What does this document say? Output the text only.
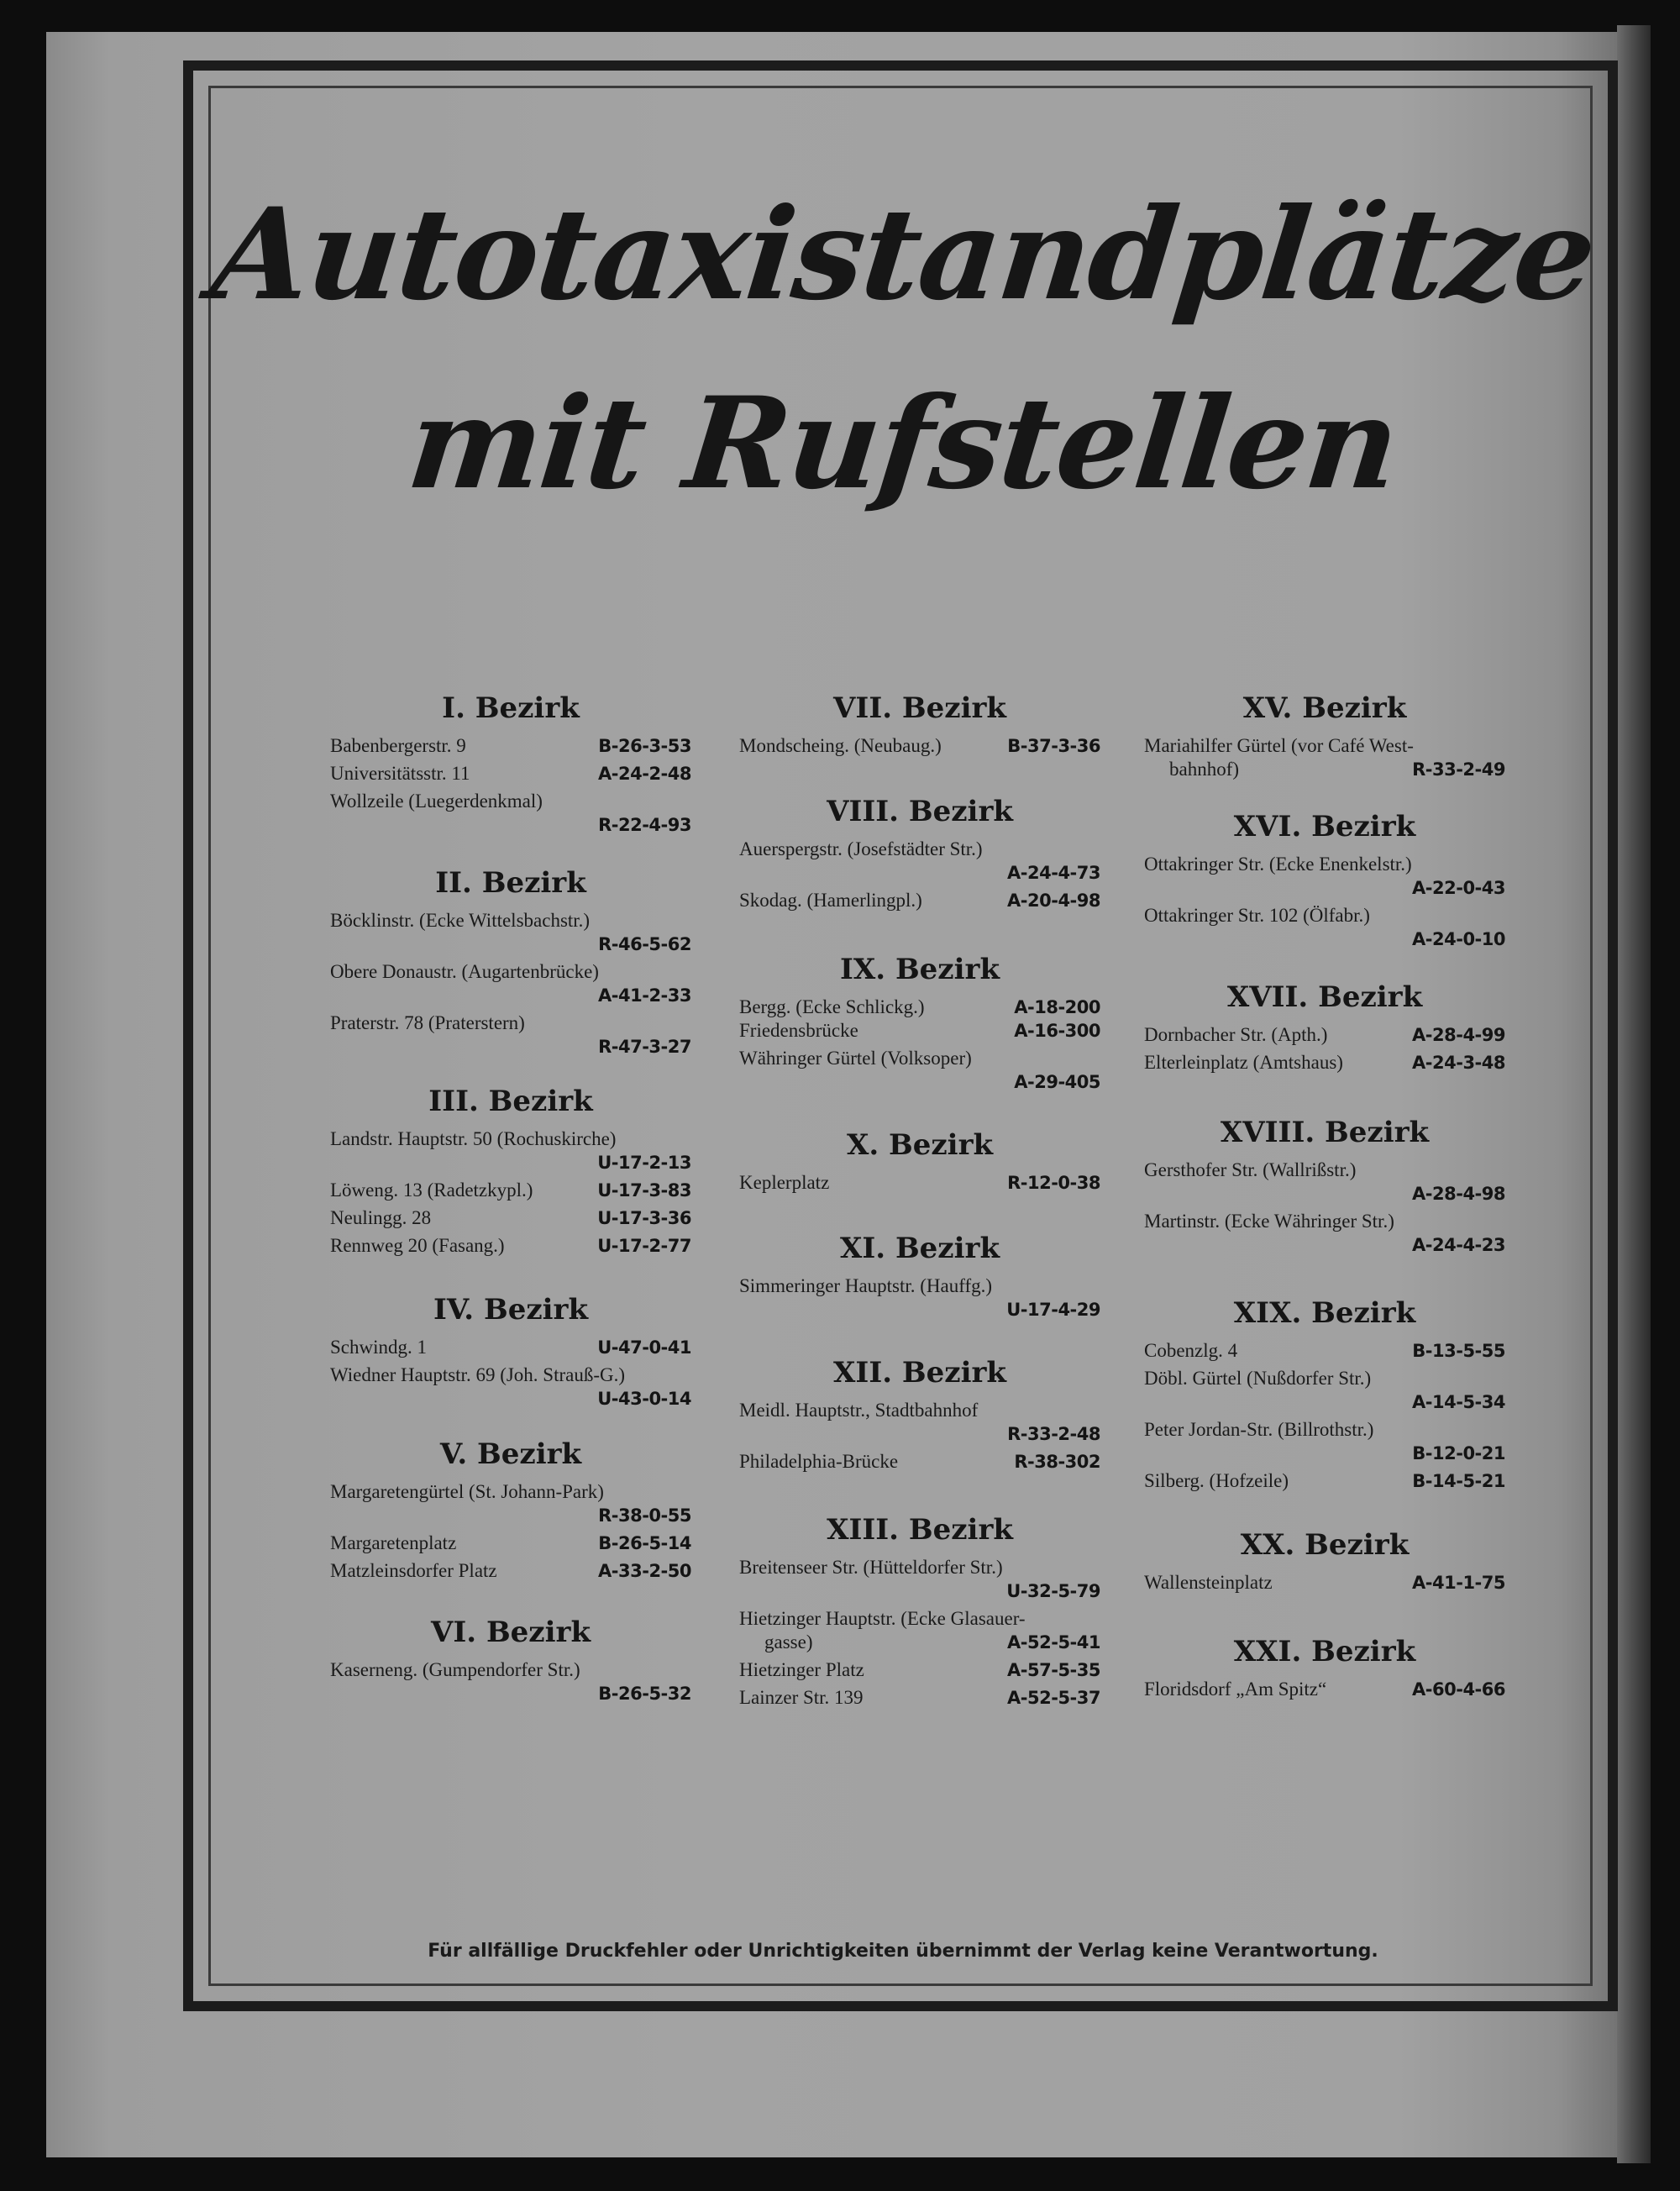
Autotaxistandplätze
mit Rufstellen
I. Bezirk
Babenbergerstr. 9	B-26-3-53
Universitätsstr. 11	A-24-2-48
Wollzeile (Luegerdenkmal)
R-22-4-93
II. Bezirk
Böcklinstr. (Ecke Wittelsbachstr.)
R-46-5-62
Obere Donaustr. (Augartenbrücke)
A-41-2-33
Praterstr. 78 (Praterstern)
R-47-3-27
III. Bezirk
Landstr. Hauptstr. 50 (Rochuskirche)
U-17-2-13
Löweng. 13 (Radetzkypl.)	U-17-3-83
Neulingg. 28	U-17-3-36
Rennweg 20 (Fasang.)	U-17-2-77
IV. Bezirk
Schwindg. 1	U-47-0-41
Wiedner Hauptstr. 69 (Joh. Strauß-G.)
U-43-0-14
V. Bezirk
Margaretengürtel (St. Johann-Park)
R-38-0-55
Margaretenplatz	B-26-5-14
Matzleinsdorfer Platz	A-33-2-50
VI. Bezirk
Kaserneng. (Gumpendorfer Str.)
B-26-5-32
VII. Bezirk
Mondscheing. (Neubaug.)	B-37-3-36
VIII. Bezirk
Auerspergstr. (Josefstädter Str.)
A-24-4-73
Skodag. (Hamerlingpl.)	A-20-4-98
IX. Bezirk
Bergg. (Ecke Schlickg.)	A-18-200
Friedensbrücke	A-16-300
Währinger Gürtel (Volksoper)
A-29-405
X. Bezirk
Keplerplatz	R-12-0-38
XI. Bezirk
Simmeringer Hauptstr. (Hauffg.)
U-17-4-29
XII. Bezirk
Meidl. Hauptstr., Stadtbahnhof
R-33-2-48
Philadelphia-Brücke	R-38-302
XIII. Bezirk
Breitenseer Str. (Hütteldorfer Str.)
U-32-5-79
Hietzinger Hauptstr. (Ecke Glasauer-
gasse)	A-52-5-41
Hietzinger Platz	A-57-5-35
Lainzer Str. 139	A-52-5-37
XV. Bezirk
Mariahilfer Gürtel (vor Café West-
bahnhof)	R-33-2-49
XVI. Bezirk
Ottakringer Str. (Ecke Enenkelstr.)
A-22-0-43
Ottakringer Str. 102 (Ölfabr.)
A-24-0-10
XVII. Bezirk
Dornbacher Str. (Apth.)	A-28-4-99
Elterleinplatz (Amtshaus)	A-24-3-48
XVIII. Bezirk
Gersthofer Str. (Wallrißstr.)
A-28-4-98
Martinstr. (Ecke Währinger Str.)
A-24-4-23
XIX. Bezirk
Cobenzlg. 4	B-13-5-55
Döbl. Gürtel (Nußdorfer Str.)
A-14-5-34
Peter Jordan-Str. (Billrothstr.)
B-12-0-21
Silberg. (Hofzeile)	B-14-5-21
XX. Bezirk
Wallensteinplatz	A-41-1-75
XXI. Bezirk
Floridsdorf „Am Spitz“	A-60-4-66
Für allfällige Druckfehler oder Unrichtigkeiten übernimmt der Verlag keine Verantwortung.
